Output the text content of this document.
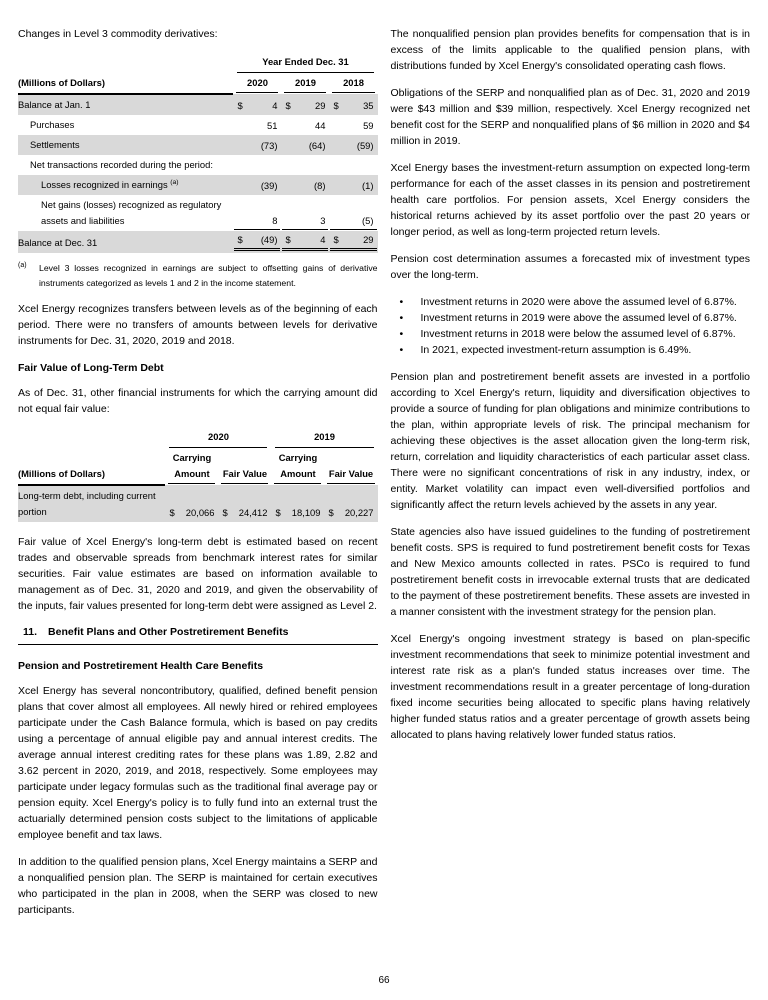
Changes in Level 3 commodity derivatives:

	Year Ended Dec. 31		

(Millions of Dollars)	2020	2019	2018

Balance at Jan. 1	$ 4	$ 29	$ 35

Purchases	51	44	59

Settlements	(73)	(64)	(59)

Net transactions recorded during the period:			
Losses recognized in earnings $^{(a)}$	(39)	(8)	(1)

Net gains (losses) recognized as regulatory assets and liabilities	8	3	(5)

Balance at Dec. 31	$ (49)	$ 4	$ 29
(a) Level 3 losses recognized in earnings are subject to offsetting gains of derivative instruments categorized as levels 1 and 2 in the income statement.

Xcel Energy recognizes transfers between levels as of the beginning of each period. There were no transfers of amounts between levels for derivative instruments for Dec. 31, 2020, 2019 and 2018.

Fair Value of Long-Term Debt

As of Dec. 31, other financial instruments for which the carrying amount did not equal fair value:

	2020		2019	

(Millions of Dollars)	Carrying Amount	Fair Value	Carrying Amount	Fair Value

Long-term debt, including current portion	$ 20,066	$ 24,412	$ 18,109	$ 20,227

Fair value of Xcel Energy's long-term debt is estimated based on recent trades and observable spreads from benchmark interest rates for similar securities. Fair value estimates are based on information available to management as of Dec. 31, 2020 and 2019, and given the observability of the inputs, fair values presented for long-term debt were assigned as Level 2.

11. Benefit Plans and Other Postretirement Benefits
Pension and Postretirement Health Care Benefits

Xcel Energy has several noncontributory, qualified, defined benefit pension plans that cover almost all employees. All newly hired or rehired employees participate under the Cash Balance formula, which is based on pay credits using a percentage of annual eligible pay and annual interest credits. The average annual interest crediting rates for these plans was 1.89, 2.82 and 3.62 percent in 2020, 2019, and 2018, respectively. Some employees may participate under legacy formulas such as the traditional final average pay or pension equity. Xcel Energy's policy is to fully fund into an external trust the actuarially determined pension costs subject to the limitations of applicable employee benefit and tax laws.

In addition to the qualified pension plans, Xcel Energy maintains a SERP and a nonqualified pension plan. The SERP is maintained for certain executives who participated in the plan in 2008, when the SERP was closed to new participants.

The nonqualified pension plan provides benefits for compensation that is in excess of the limits applicable to the qualified pension plans, with distributions funded by Xcel Energy's consolidated operating cash flows.

Obligations of the SERP and nonqualified plan as of Dec. 31, 2020 and 2019 were $43 million and $39 million, respectively. Xcel Energy recognized net benefit cost for the SERP and nonqualified plans of $6 million in 2020 and $4 million in 2019.

Xcel Energy bases the investment-return assumption on expected long-term performance for each of the asset classes in its pension and postretirement health care portfolios. For pension assets, Xcel Energy considers the historical returns achieved by its asset portfolio over the past 20 years or longer period, as well as long-term projected return levels.

Pension cost determination assumes a forecasted mix of investment types over the long-term.

•	Investment returns in 2020 were above the assumed level of 6.87%.
•	Investment returns in 2019 were above the assumed level of 6.87%.
•	Investment returns in 2018 were below the assumed level of 6.87%.
•	In 2021, expected investment-return assumption is 6.49%.

Pension plan and postretirement benefit assets are invested in a portfolio according to Xcel Energy's return, liquidity and diversification objectives to provide a source of funding for plan obligations and minimize contributions to the plan, within appropriate levels of risk. The principal mechanism for achieving these objectives is the asset allocation given the long-term risk, return, correlation and liquidity characteristics of each particular asset class. There were no significant concentrations of risk in any industry, index, or entity. Market volatility can impact even well-diversified portfolios and significantly affect the return levels achieved by the assets in any year.

State agencies also have issued guidelines to the funding of postretirement benefit costs. SPS is required to fund postretirement benefit costs for Texas and New Mexico amounts collected in rates. PSCo is required to fund postretirement benefit costs in irrevocable external trusts that are dedicated to the payment of these postretirement benefits. These assets are invested in a manner consistent with the investment strategy for the pension plan.

Xcel Energy's ongoing investment strategy is based on plan-specific investment recommendations that seek to minimize potential investment and interest rate risk as a plan's funded status increases over time. The investment recommendations result in a greater percentage of long-duration fixed income securities being allocated to specific plans having relatively higher funded status ratios and a greater percentage of growth assets being allocated to plans having relatively lower funded status ratios.

66
